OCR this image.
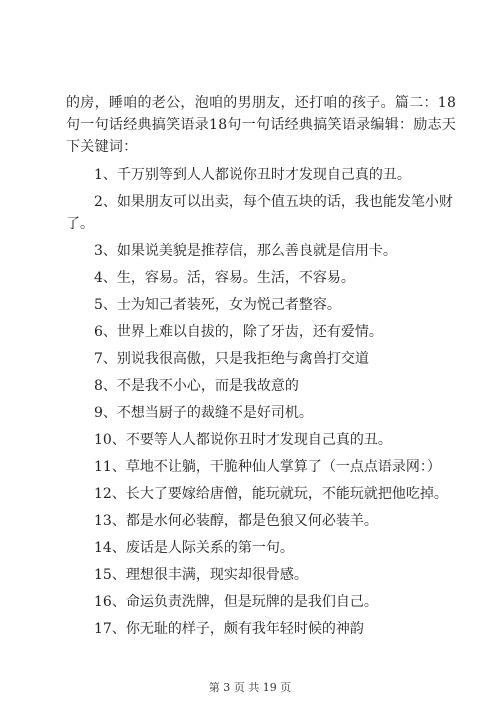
的房，睡咱的老公，泡咱的男朋友，还打咱的孩子。篇二：18

句一句话经典搞笑语录18句一句话经典搞笑语录编辑：励志天

下关键词：

1、千万别等到人人都说你丑时才发现自己真的丑。

2、如果朋友可以出卖，每个值五块的话，我也能发笔小财

了。

3、如果说美貌是推荐信，那么善良就是信用卡。

4、生，容易。活，容易。生活，不容易。

5、士为知己者装死，女为悦己者整容。

6、世界上难以自拔的，除了牙齿，还有爱情。

7、别说我很高傲，只是我拒绝与禽兽打交道

8、不是我不小心，而是我故意的

9、不想当厨子的裁缝不是好司机。

10、不要等人人都说你丑时才发现自己真的丑。

11、草地不让躺，干脆种仙人掌算了（一点点语录网：）

12、长大了要嫁给唐僧，能玩就玩，不能玩就把他吃掉。

13、都是水何必装醇，都是色狼又何必装羊。

14、废话是人际关系的第一句。

15、理想很丰满，现实却很骨感。

16、命运负责洗牌，但是玩牌的是我们自己。

17、你无耻的样子，颇有我年轻时候的神韵

第 3 页 共 19 页
